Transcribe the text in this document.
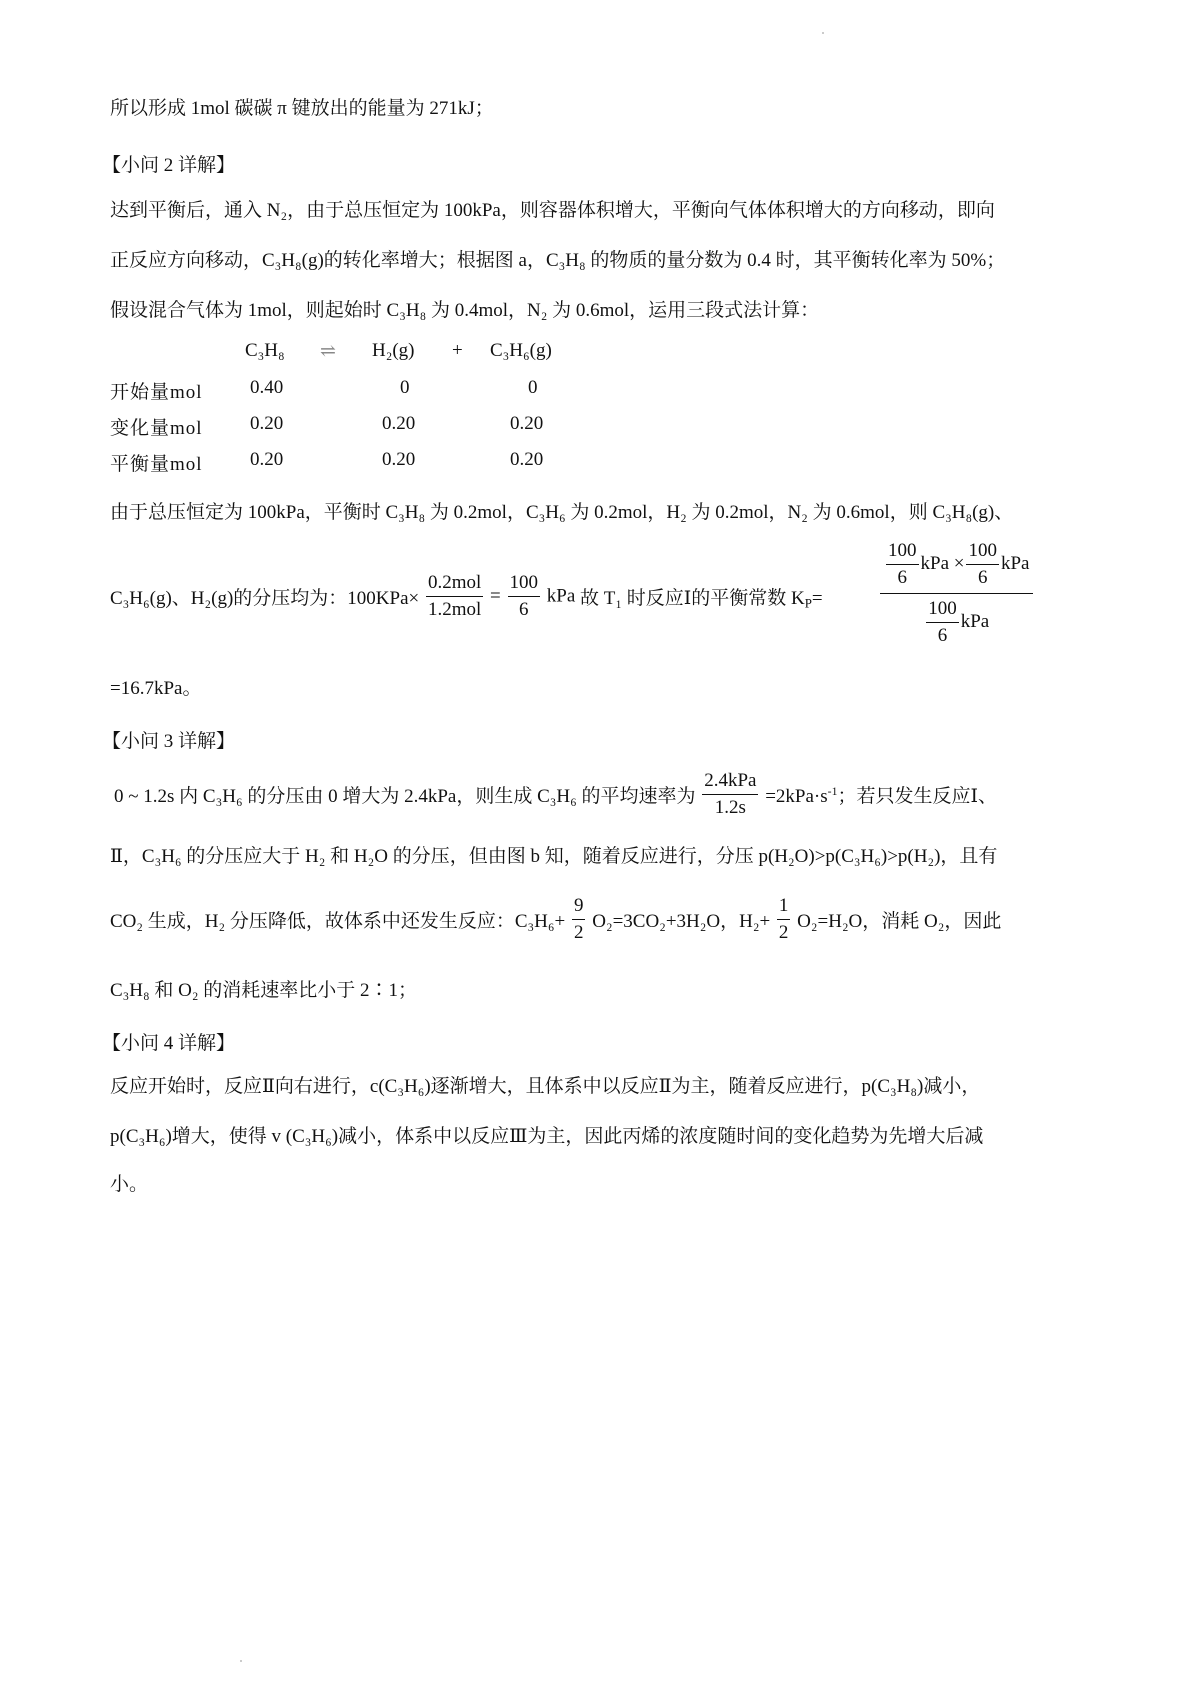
所以形成 1mol 碳碳 π 键放出的能量为 271kJ；
【小问 2 详解】
达到平衡后，通入 N₂，由于总压恒定为 100kPa，则容器体积增大，平衡向气体体积增大的方向移动，即向
正反应方向移动，C₃H₈(g)的转化率增大；根据图 a，C₃H₈ 的物质的量分数为 0.4 时，其平衡转化率为 50%；
假设混合气体为 1mol，则起始时 C₃H₈ 为 0.4mol，N₂ 为 0.6mol，运用三段式法计算：
C₃H₈ ⇌ H₂(g) + C₃H₆(g)
开始量mol 0.40	0	0
变化量mol 0.20	0.20	0.20
平衡量mol 0.20	0.20	0.20
由于总压恒定为 100kPa，平衡时 C₃H₈ 为 0.2mol，C₃H₆ 为 0.2mol，H₂ 为 0.2mol，N₂ 为 0.6mol，则 C₃H₈(g)、
C₃H₆(g)、H₂(g)的分压均为：$100KPa\times \frac{\text{0.2mol}}{\text{1.2mol}} = \frac{100}{6}$ kPa 故 T₁ 时反应Ⅰ的平衡常数 $K_P=$
$\frac{100}{6}$ kPa × $\frac{100}{6}$ kPa
$\frac{100}{6}$ kPa
=16.7kPa。
【小问 3 详解】
0 ~ 1.2s 内 C₃H₆ 的分压由 0 增大为 2.4kPa，则生成 C₃H₆ 的平均速率为 $\frac{\text{2.4kPa}}{1.2s} =2kPa\cdot s^{-1}$；若只发生反应Ⅰ、
Ⅱ，C₃H₆ 的分压应大于 H₂ 和 H₂O 的分压，但由图 b 知，随着反应进行，分压 p(H₂O)>p(C₃H₆)>p(H₂)，且有
CO₂ 生成，H₂ 分压降低，故体系中还发生反应：$C_3H_6+ \frac{9}{2} O_2=3CO_2+3H_2O$，$H_2+ \frac{1}{2} O_2=H_2O$，消耗 O₂，因此
C₃H₈ 和 O₂ 的消耗速率比小于 2∶1；
【小问 4 详解】
反应开始时，反应Ⅱ向右进行，c(C₃H₆)逐渐增大，且体系中以反应Ⅱ为主，随着反应进行，p(C₃H₈)减小，
p(C₃H₆)增大，使得 v (C₃H₆)减小，体系中以反应Ⅲ为主，因此丙烯的浓度随时间的变化趋势为先增大后减
小。
